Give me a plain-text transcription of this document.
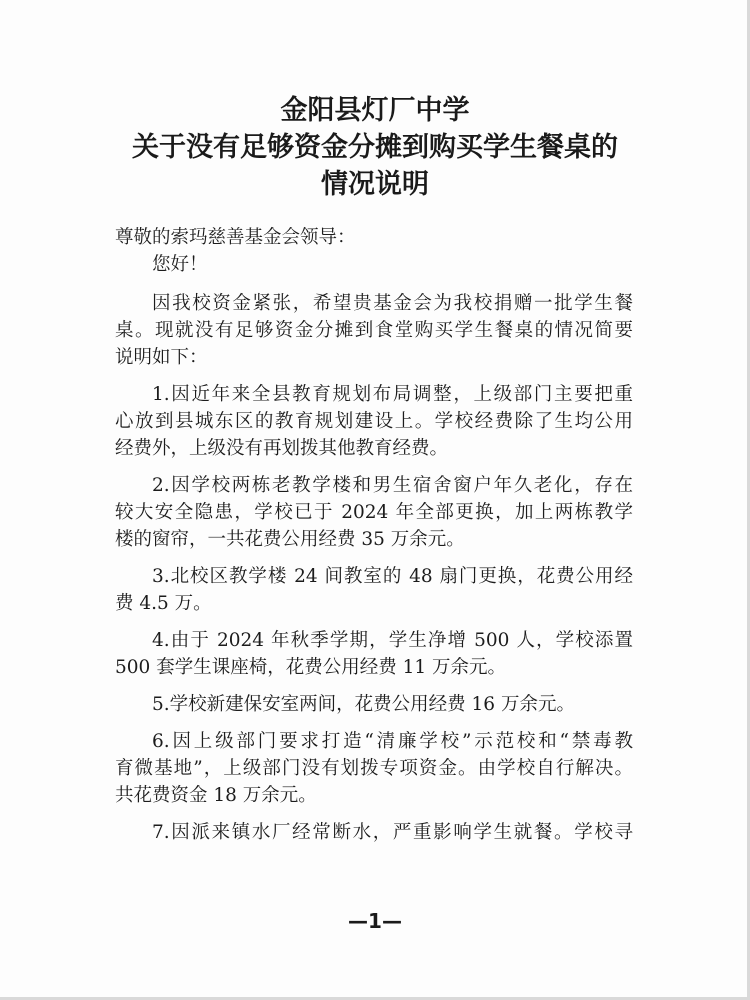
金阳县灯厂中学
关于没有足够资金分摊到购买学生餐桌的
情况说明
尊敬的索玛慈善基金会领导：
您好！
因我校资金紧张，希望贵基金会为我校捐赠一批学生餐
桌。现就没有足够资金分摊到食堂购买学生餐桌的情况简要
说明如下：
1.因近年来全县教育规划布局调整，上级部门主要把重
心放到县城东区的教育规划建设上。学校经费除了生均公用
经费外，上级没有再划拨其他教育经费。
2.因学校两栋老教学楼和男生宿舍窗户年久老化，存在
较大安全隐患，学校已于 2024 年全部更换，加上两栋教学
楼的窗帘，一共花费公用经费 35 万余元。
3.北校区教学楼 24 间教室的 48 扇门更换，花费公用经
费 4.5 万。
4.由于 2024 年秋季学期，学生净增 500 人，学校添置
500 套学生课座椅，花费公用经费 11 万余元。
5.学校新建保安室两间，花费公用经费 16 万余元。
6.因上级部门要求打造“清廉学校”示范校和“禁毒教
育微基地”，上级部门没有划拨专项资金。由学校自行解决。
共花费资金 18 万余元。
7.因派来镇水厂经常断水，严重影响学生就餐。学校寻
—1—
